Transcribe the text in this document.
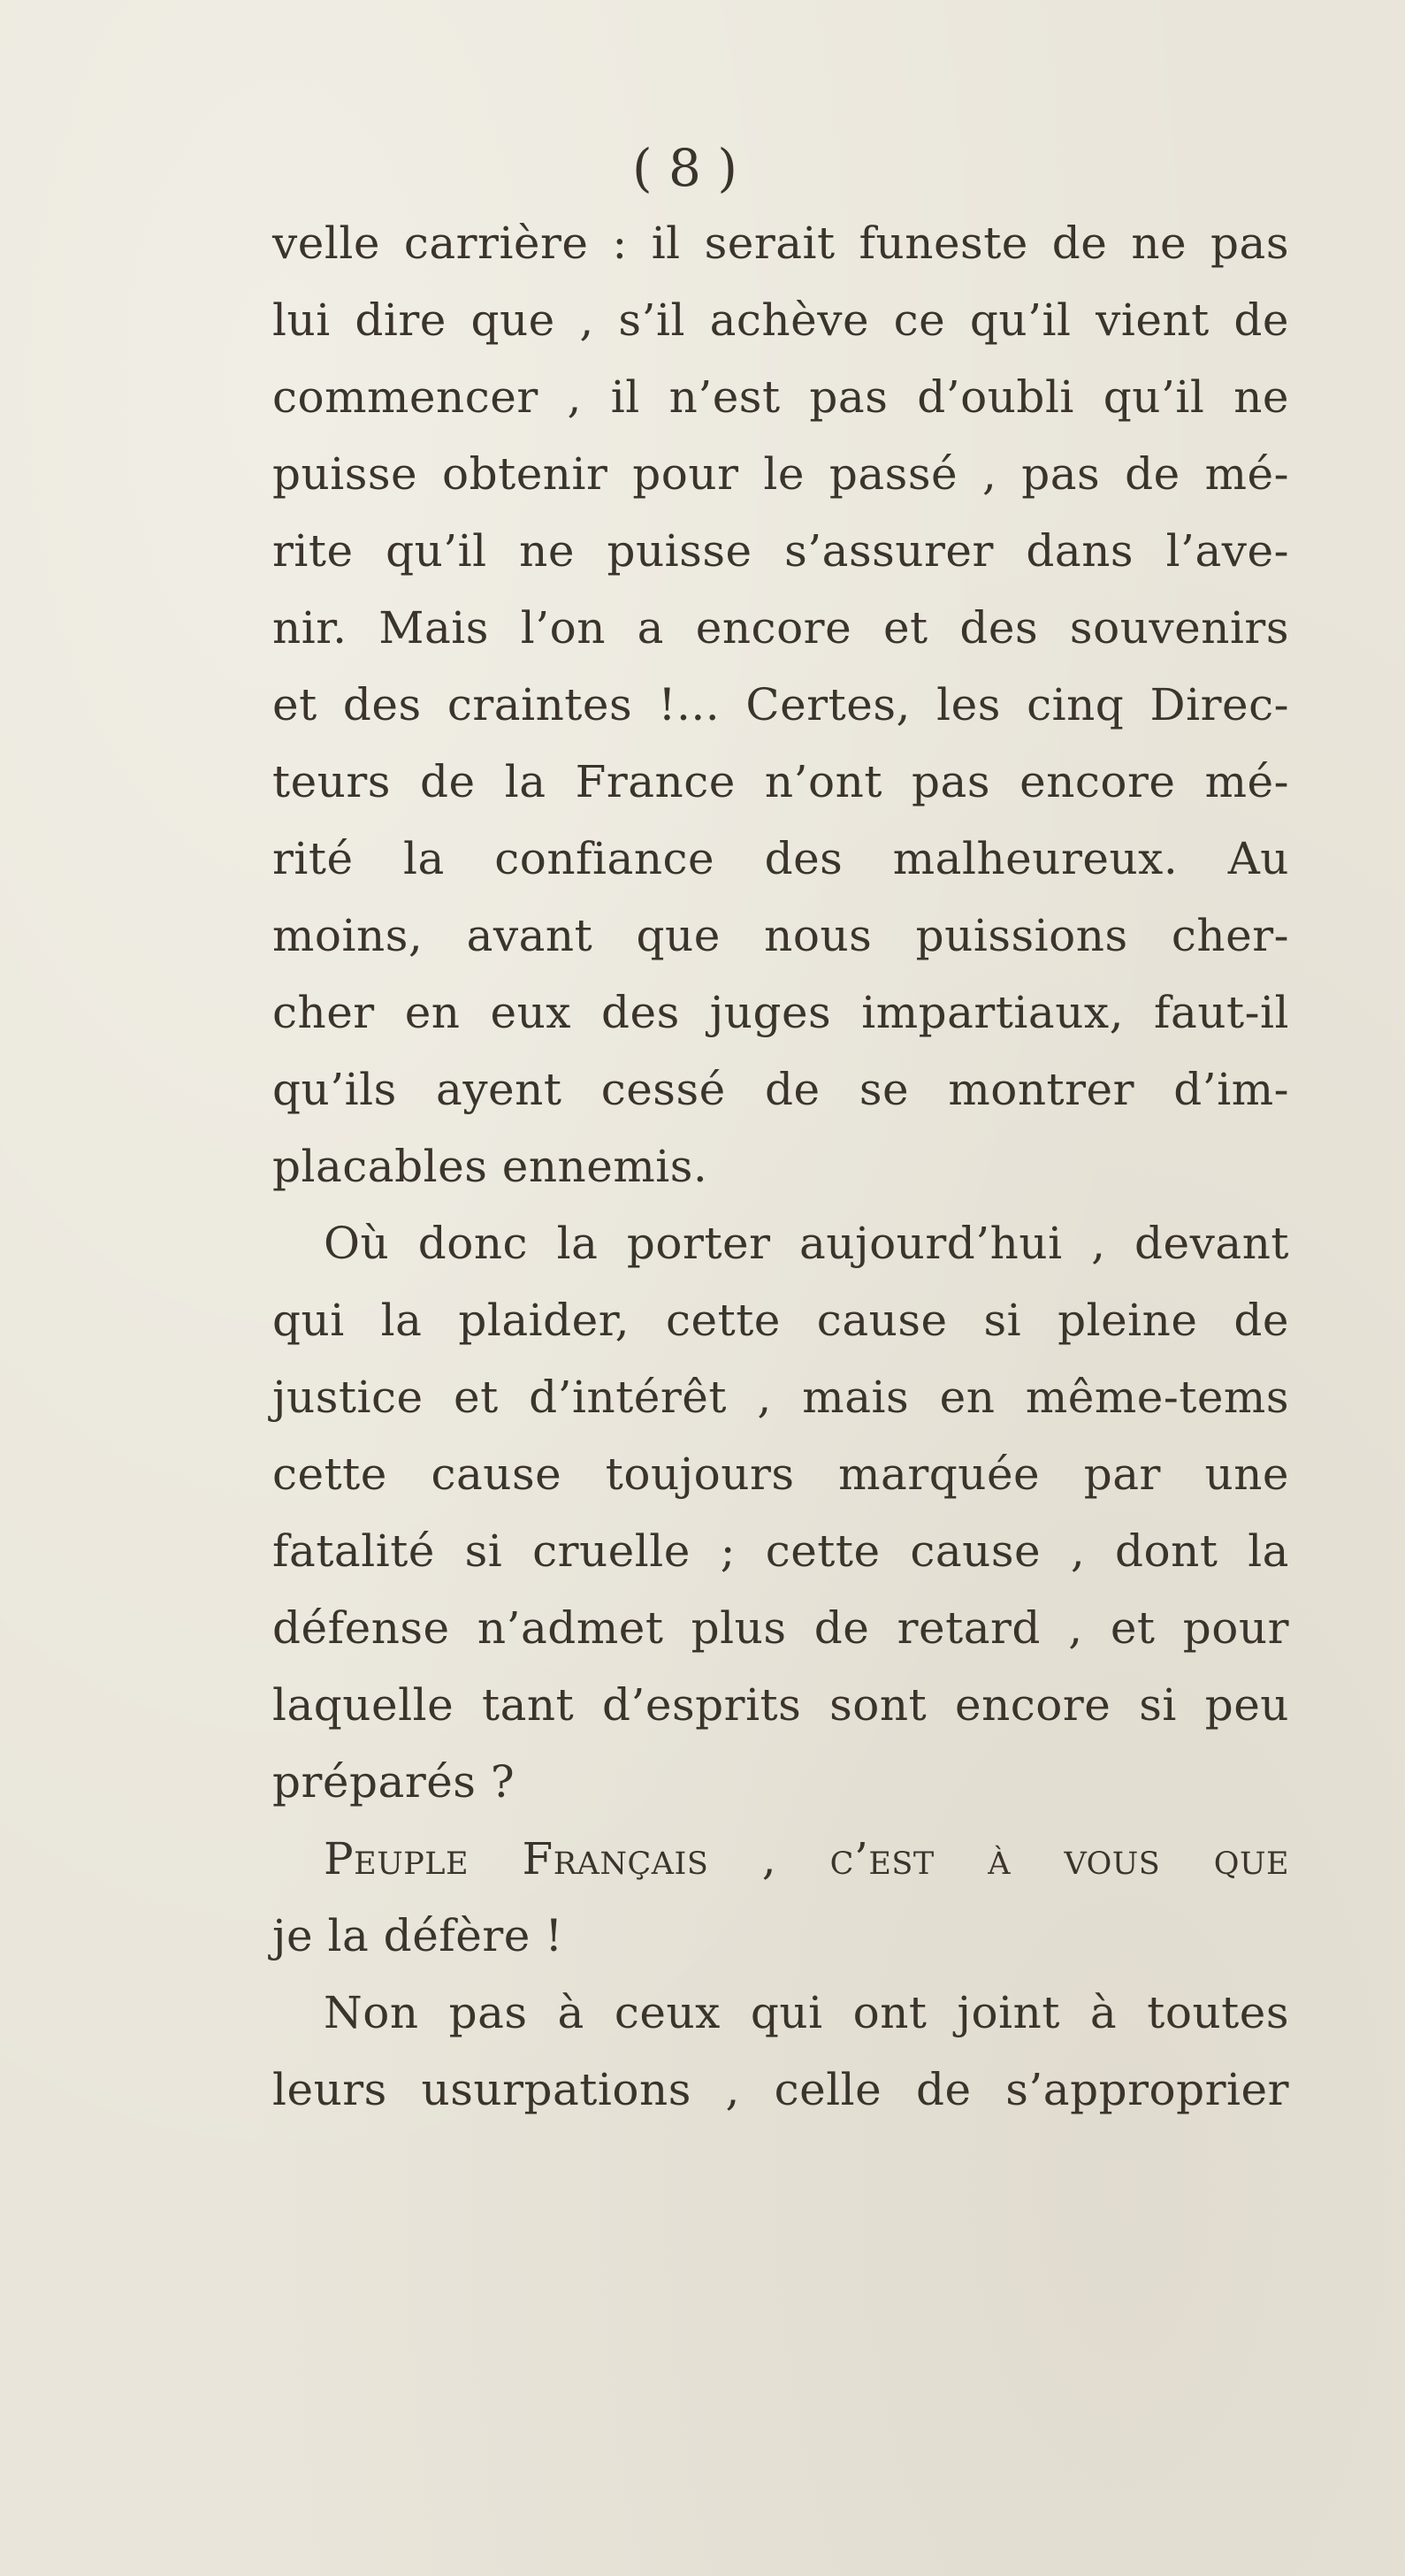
( 8 )
velle carrière : il serait funeste de ne pas
lui dire que , s’il achève ce qu’il vient de
commencer , il n’est pas d’oubli qu’il ne
puisse obtenir pour le passé , pas de mé-
rite qu’il ne puisse s’assurer dans l’ave-
nir. Mais l’on a encore et des souvenirs
et des craintes !... Certes, les cinq Direc-
teurs de la France n’ont pas encore mé-
rité la confiance des malheureux. Au
moins, avant que nous puissions cher-
cher en eux des juges impartiaux, faut-il
qu’ils ayent cessé de se montrer d’im-
placables ennemis.
Où donc la porter aujourd’hui , devant
qui la plaider, cette cause si pleine de
justice et d’intérêt , mais en même-tems
cette cause toujours marquée par une
fatalité si cruelle ; cette cause , dont la
défense n’admet plus de retard , et pour
laquelle tant d’esprits sont encore si peu
préparés ?
Peuple Français , c’est à vous que
je la défère !
Non pas à ceux qui ont joint à toutes
leurs usurpations , celle de s’approprier
